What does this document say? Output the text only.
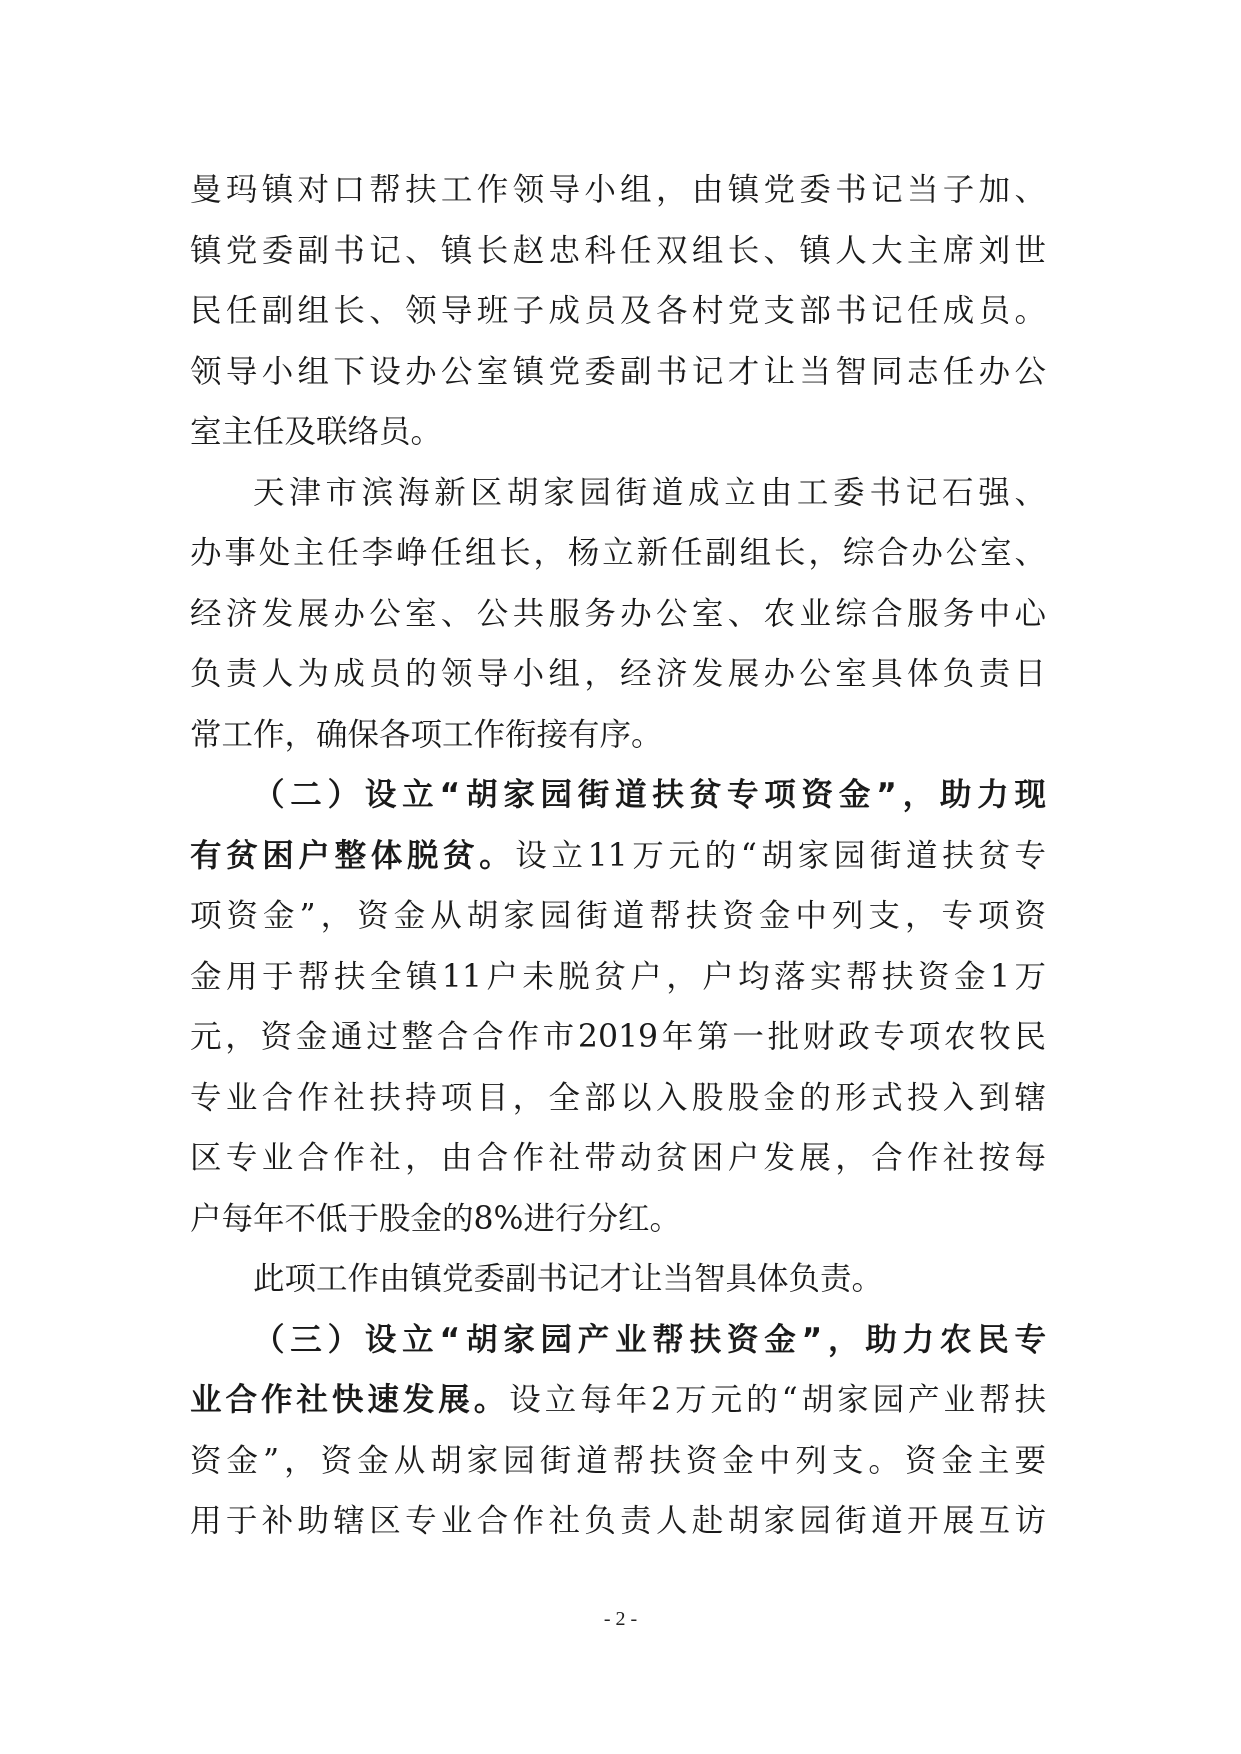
曼玛镇对口帮扶工作领导小组，由镇党委书记当子加、
镇党委副书记、镇长赵忠科任双组长、镇人大主席刘世
民任副组长、领导班子成员及各村党支部书记任成员。
领导小组下设办公室镇党委副书记才让当智同志任办公
室主任及联络员。
天津市滨海新区胡家园街道成立由工委书记石强、
办事处主任李峥任组长，杨立新任副组长，综合办公室、
经济发展办公室、公共服务办公室、农业综合服务中心
负责人为成员的领导小组，经济发展办公室具体负责日
常工作，确保各项工作衔接有序。
（二）设立“胡家园街道扶贫专项资金”，助力现
有贫困户整体脱贫。设立11万元的“胡家园街道扶贫专
项资金”，资金从胡家园街道帮扶资金中列支，专项资
金用于帮扶全镇11户未脱贫户，户均落实帮扶资金1万
元，资金通过整合合作市2019年第一批财政专项农牧民
专业合作社扶持项目，全部以入股股金的形式投入到辖
区专业合作社，由合作社带动贫困户发展，合作社按每
户每年不低于股金的8%进行分红。
此项工作由镇党委副书记才让当智具体负责。
（三）设立“胡家园产业帮扶资金”，助力农民专
业合作社快速发展。设立每年2万元的“胡家园产业帮扶
资金”，资金从胡家园街道帮扶资金中列支。资金主要
用于补助辖区专业合作社负责人赴胡家园街道开展互访
- 2 -
